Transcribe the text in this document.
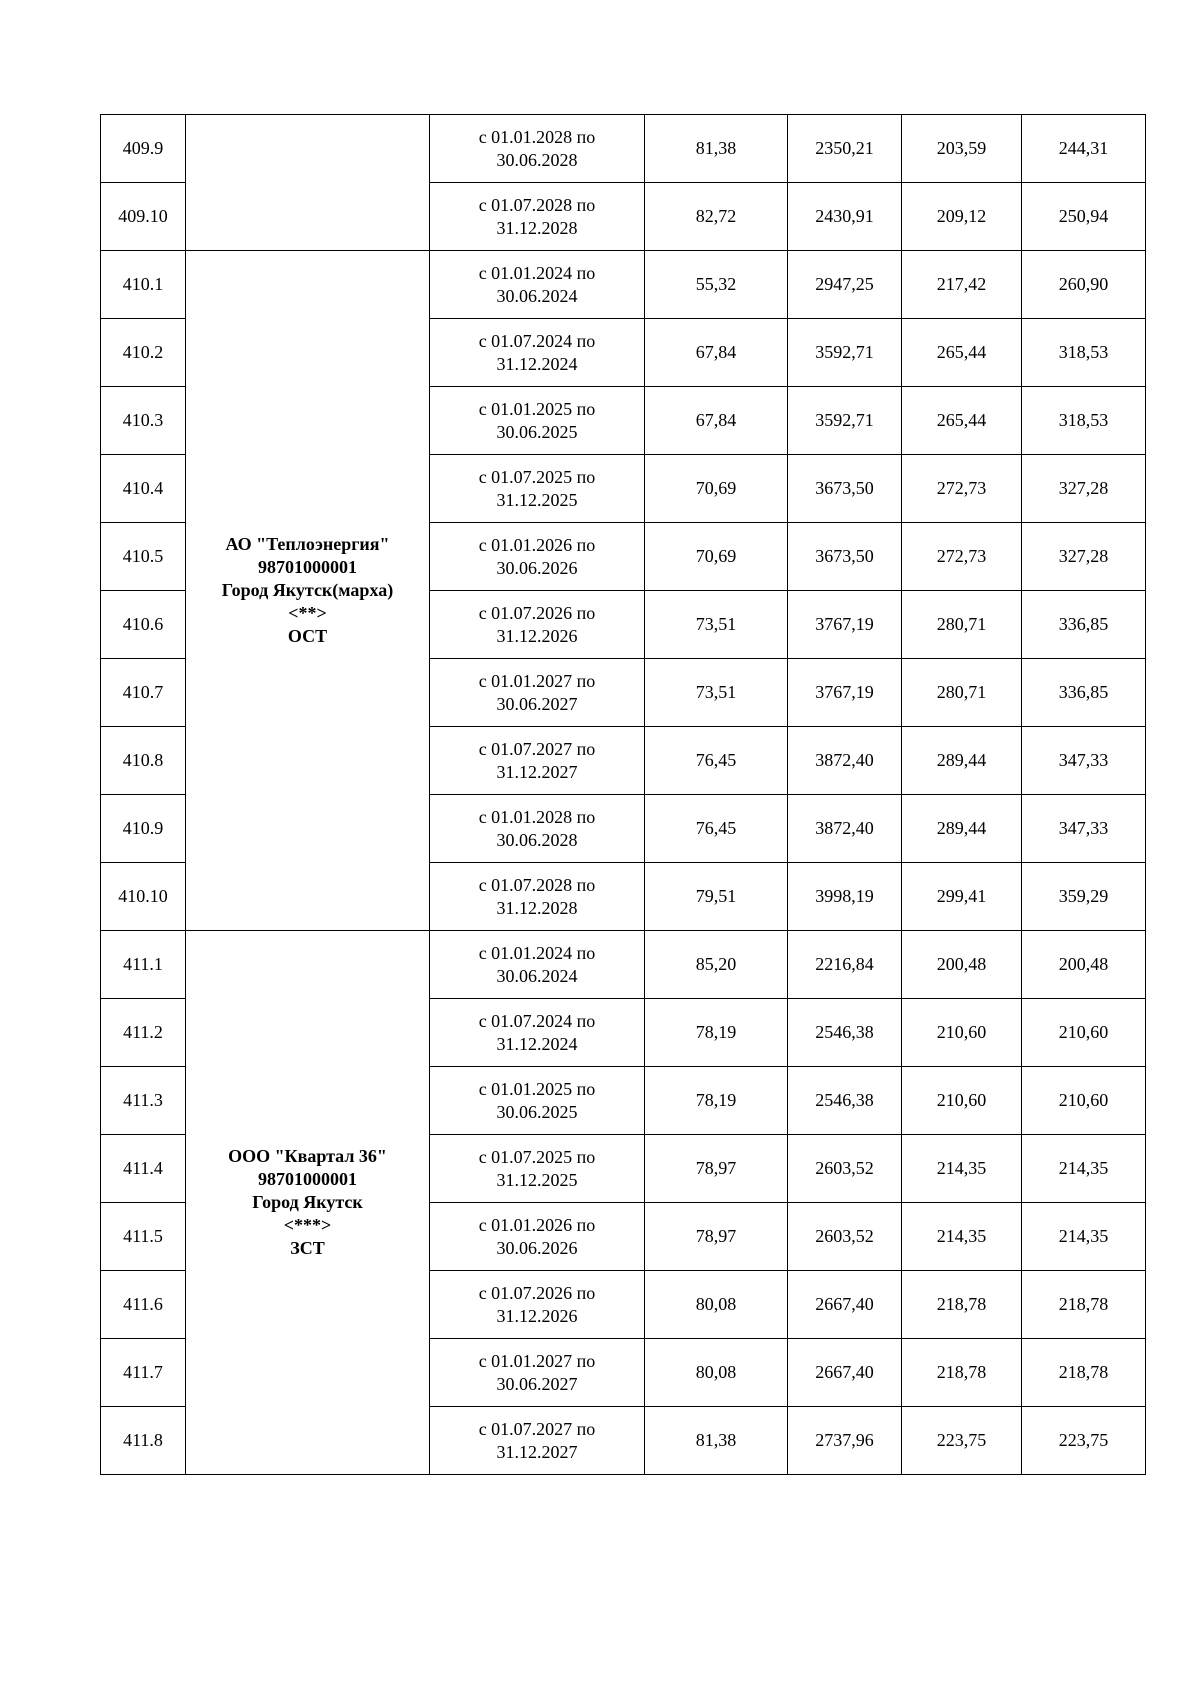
409.9		с 01.01.2028 по
30.06.2028	81,38	2350,21	203,59	244,31
409.10		с 01.07.2028 по
31.12.2028	82,72	2430,91	209,12	250,94
410.1	АО "Теплоэнергия"
98701000001
Город Якутск(марха)
<**>
ОСТ	с 01.01.2024 по
30.06.2024	55,32	2947,25	217,42	260,90
410.2		с 01.07.2024 по
31.12.2024	67,84	3592,71	265,44	318,53
410.3		с 01.01.2025 по
30.06.2025	67,84	3592,71	265,44	318,53
410.4		с 01.07.2025 по
31.12.2025	70,69	3673,50	272,73	327,28
410.5		с 01.01.2026 по
30.06.2026	70,69	3673,50	272,73	327,28
410.6		с 01.07.2026 по
31.12.2026	73,51	3767,19	280,71	336,85
410.7		с 01.01.2027 по
30.06.2027	73,51	3767,19	280,71	336,85
410.8		с 01.07.2027 по
31.12.2027	76,45	3872,40	289,44	347,33
410.9		с 01.01.2028 по
30.06.2028	76,45	3872,40	289,44	347,33
410.10		с 01.07.2028 по
31.12.2028	79,51	3998,19	299,41	359,29
411.1	ООО "Квартал 36"
98701000001
Город Якутск
<***>
ЗСТ	с 01.01.2024 по
30.06.2024	85,20	2216,84	200,48	200,48
411.2		с 01.07.2024 по
31.12.2024	78,19	2546,38	210,60	210,60
411.3		с 01.01.2025 по
30.06.2025	78,19	2546,38	210,60	210,60
411.4		с 01.07.2025 по
31.12.2025	78,97	2603,52	214,35	214,35
411.5		с 01.01.2026 по
30.06.2026	78,97	2603,52	214,35	214,35
411.6		с 01.07.2026 по
31.12.2026	80,08	2667,40	218,78	218,78
411.7		с 01.01.2027 по
30.06.2027	80,08	2667,40	218,78	218,78
411.8		с 01.07.2027 по
31.12.2027	81,38	2737,96	223,75	223,75
